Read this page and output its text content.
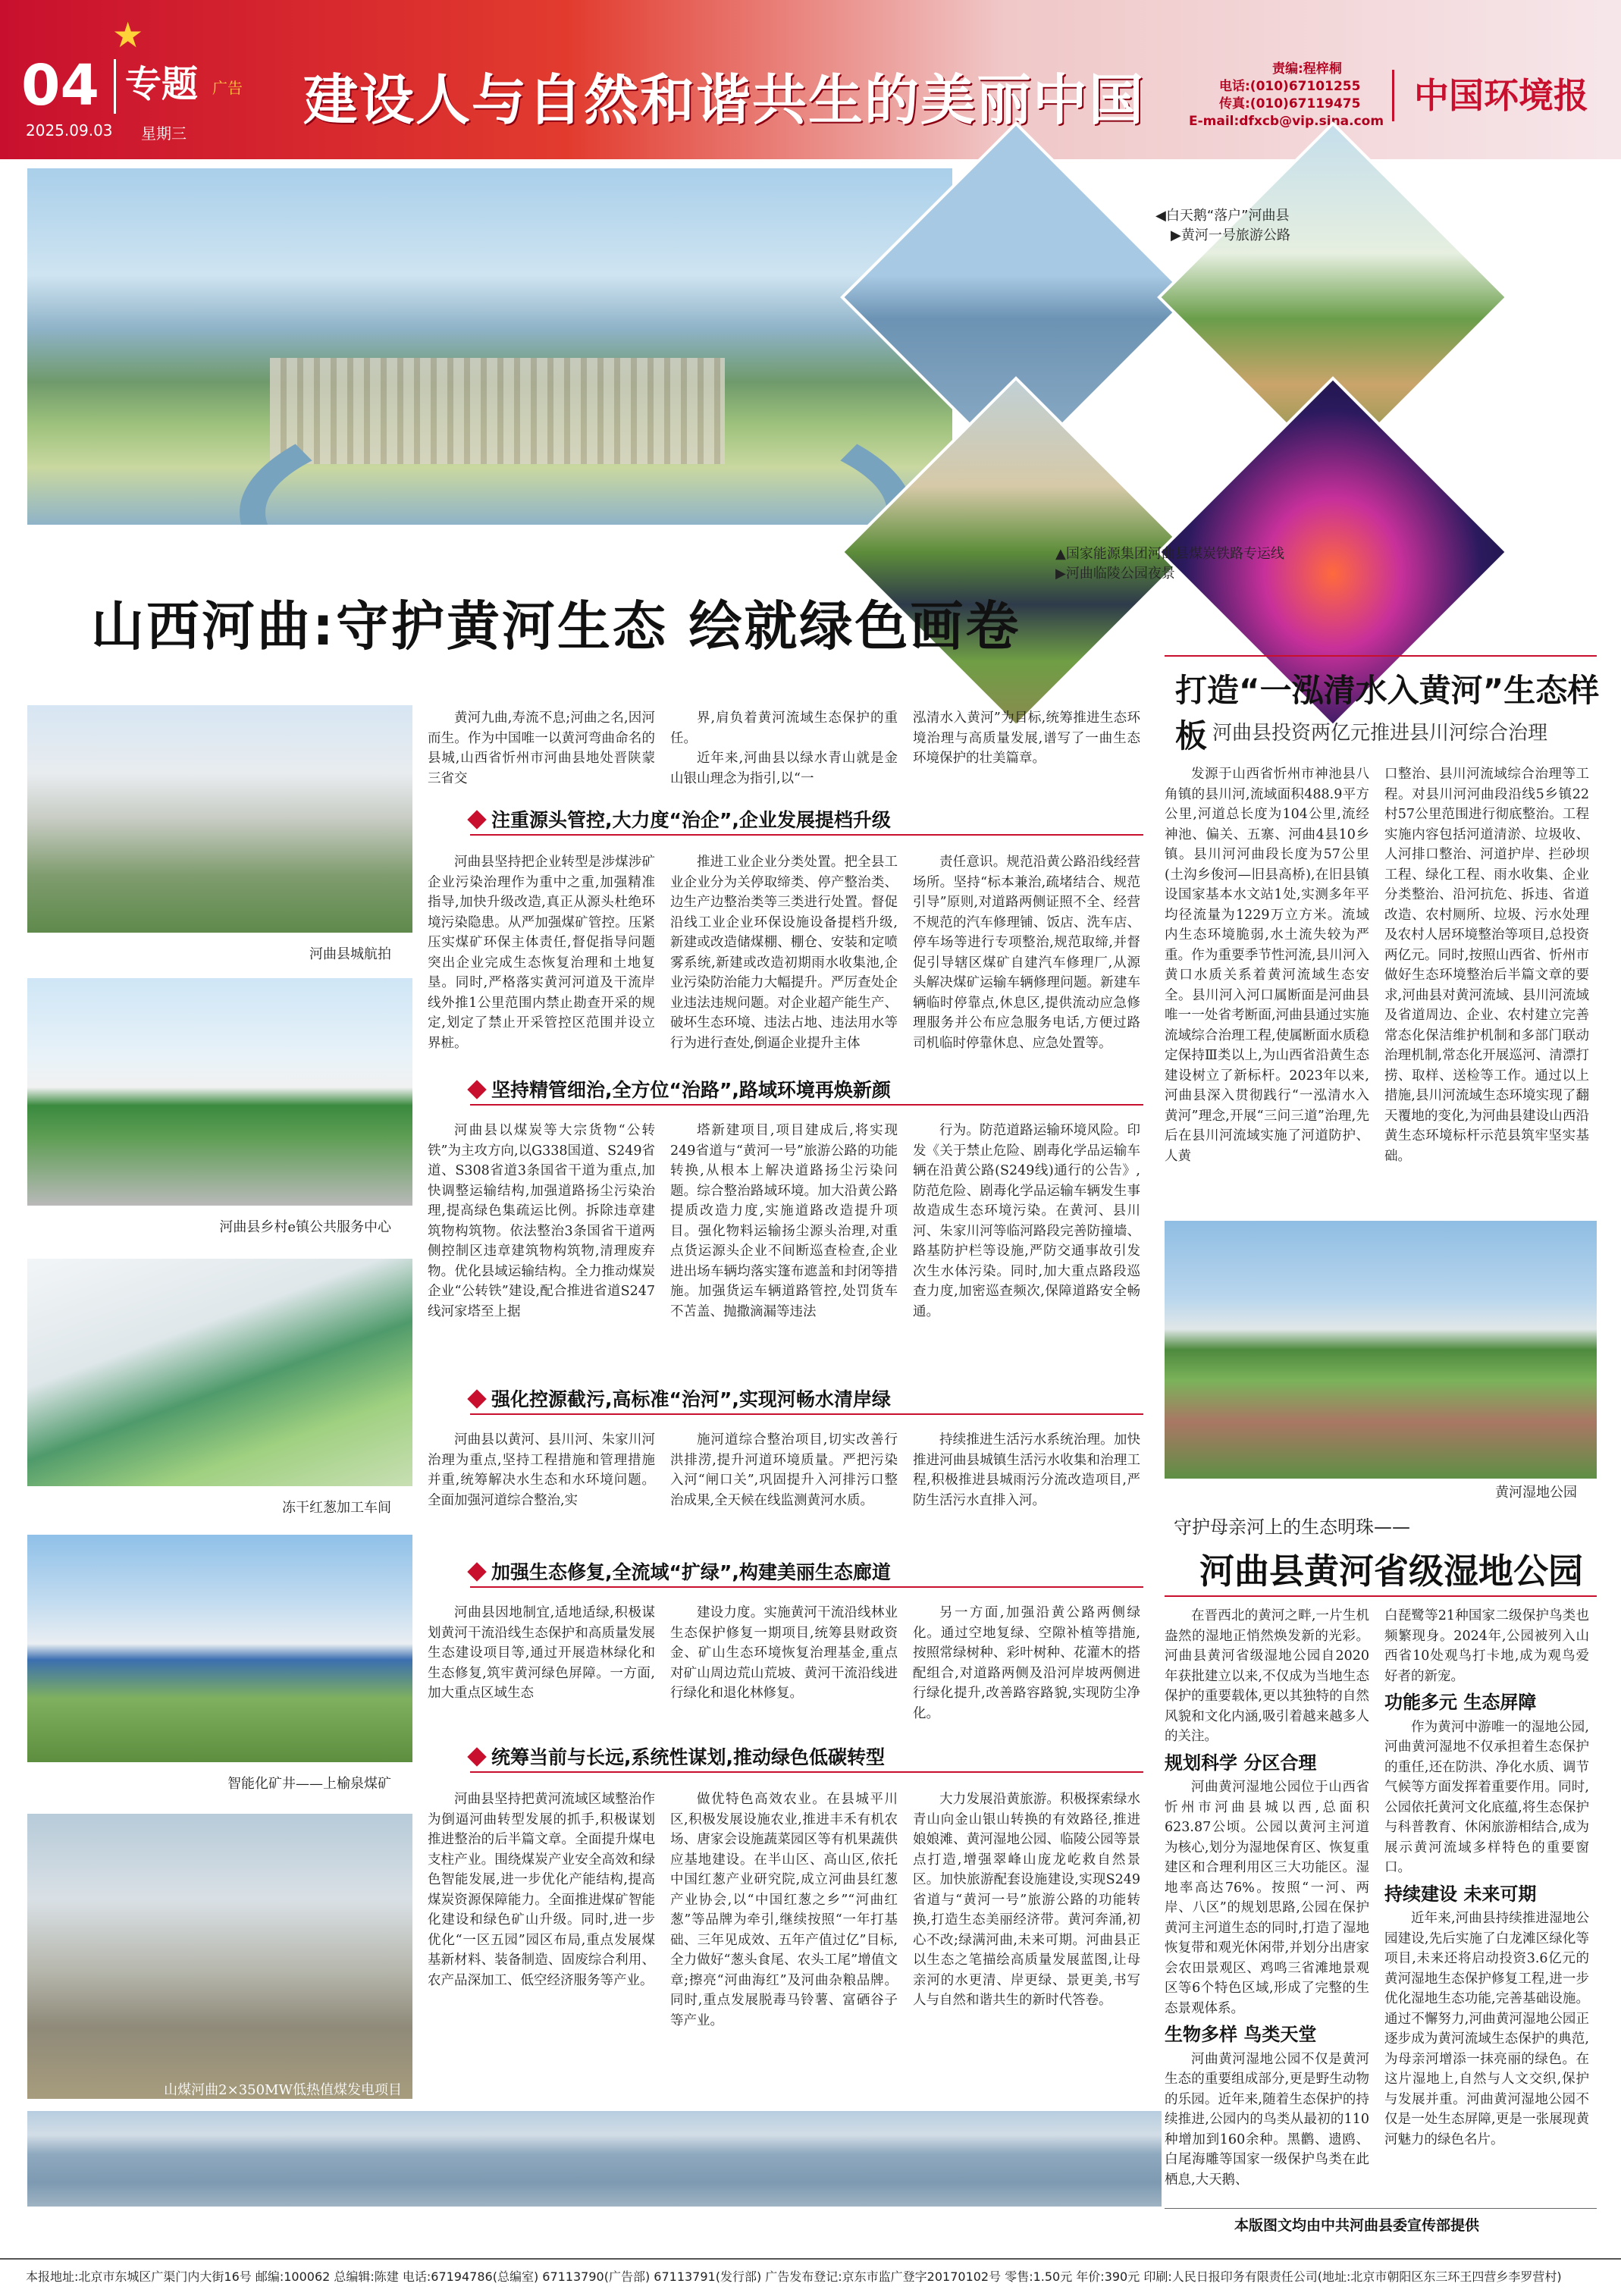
★
04 专题 广告
2025.09.03 星期三
建设人与自然和谐共生的美丽中国	责编:程梓桐
电话:(010)67101255
传真:(010)67119475
E-mail:dfxcb@vip.sina.com
中国环境报
◀白天鹅“落户”河曲县
▶黄河一号旅游公路
▲国家能源集团河曲县煤炭铁路专运线
▶河曲临陵公园夜景
山西河曲:守护黄河生态 绘就绿色画卷
河曲县城航拍
河曲县乡村e镇公共服务中心
冻干红葱加工车间
智能化矿井——上榆泉煤矿
山煤河曲2×350MW低热值煤发电项目

黄河九曲,寿流不息;河曲之名,因河而生。作为中国唯一以黄河弯曲命名的县城,山西省忻州市河曲县地处晋陕蒙三省交

界,肩负着黄河流域生态保护的重任。

近年来,河曲县以绿水青山就是金山银山理念为指引,以“一

泓清水入黄河”为目标,统筹推进生态环境治理与高质量发展,谱写了一曲生态环境保护的壮美篇章。

注重源头管控,大力度“治企”,企业发展提档升级

河曲县坚持把企业转型是涉煤涉矿企业污染治理作为重中之重,加强精准指导,加快升级改造,真正从源头杜绝环境污染隐患。从严加强煤矿管控。压紧压实煤矿环保主体责任,督促指导问题突出企业完成生态恢复治理和土地复垦。同时,严格落实黄河河道及干流岸线外推1公里范围内禁止勘查开采的规定,划定了禁止开采管控区范围并设立界桩。

推进工业企业分类处置。把全县工业企业分为关停取缔类、停产整治类、边生产边整治类等三类进行处置。督促沿线工业企业环保设施设备提档升级,新建或改造储煤棚、棚仓、安装和定喷雾系统,新建或改造初期雨水收集池,企业污染防治能力大幅提升。严厉查处企业违法违规问题。对企业超产能生产、破坏生态环境、违法占地、违法用水等行为进行查处,倒逼企业提升主体

责任意识。规范沿黄公路沿线经营场所。坚持“标本兼治,疏堵结合、规范引导”原则,对道路两侧证照不全、经营不规范的汽车修理铺、饭店、洗车店、停车场等进行专项整治,规范取缔,并督促引导辖区煤矿自建汽车修理厂,从源头解决煤矿运输车辆修理问题。新建车辆临时停靠点,休息区,提供流动应急修理服务并公布应急服务电话,方便过路司机临时停靠休息、应急处置等。

坚持精管细治,全方位“治路”,路域环境再焕新颜

河曲县以煤炭等大宗货物“公转铁”为主攻方向,以G338国道、S249省道、S308省道3条国省干道为重点,加快调整运输结构,加强道路扬尘污染治理,提高绿色集疏运比例。拆除违章建筑物构筑物。依法整治3条国省干道两侧控制区违章建筑物构筑物,清理废弃物。优化县域运输结构。全力推动煤炭企业“公转铁”建设,配合推进省道S247线河家塔至上据

塔新建项目,项目建成后,将实现249省道与“黄河一号”旅游公路的功能转换,从根本上解决道路扬尘污染问题。综合整治路域环境。加大沿黄公路提质改造力度,实施道路改造提升项目。强化物料运输扬尘源头治理,对重点货运源头企业不间断巡查检查,企业进出场车辆均落实篷布遮盖和封闭等措施。加强货运车辆道路管控,处罚货车不苫盖、抛撒滴漏等违法

行为。防范道路运输环境风险。印发《关于禁止危险、剧毒化学品运输车辆在沿黄公路(S249线)通行的公告》,防范危险、剧毒化学品运输车辆发生事故造成生态环境污染。在黄河、县川河、朱家川河等临河路段完善防撞墙、路基防护栏等设施,严防交通事故引发次生水体污染。同时,加大重点路段巡查力度,加密巡查频次,保障道路安全畅通。

强化控源截污,高标准“治河”,实现河畅水清岸绿

河曲县以黄河、县川河、朱家川河治理为重点,坚持工程措施和管理措施并重,统筹解决水生态和水环境问题。全面加强河道综合整治,实

施河道综合整治项目,切实改善行洪排涝,提升河道环境质量。严把污染入河“闸口关”,巩固提升入河排污口整治成果,全天候在线监测黄河水质。

持续推进生活污水系统治理。加快推进河曲县城镇生活污水收集和治理工程,积极推进县城雨污分流改造项目,严防生活污水直排入河。

加强生态修复,全流域“扩绿”,构建美丽生态廊道

河曲县因地制宜,适地适绿,积极谋划黄河干流沿线生态保护和高质量发展生态建设项目等,通过开展造林绿化和生态修复,筑牢黄河绿色屏障。一方面,加大重点区域生态

建设力度。实施黄河干流沿线林业生态保护修复一期项目,统筹县财政资金、矿山生态环境恢复治理基金,重点对矿山周边荒山荒坡、黄河干流沿线进行绿化和退化林修复。

另一方面,加强沿黄公路两侧绿化。通过空地复绿、空隙补植等措施,按照常绿树种、彩叶树种、花灌木的搭配组合,对道路两侧及沿河岸坡两侧进行绿化提升,改善路容路貌,实现防尘净化。

统筹当前与长远,系统性谋划,推动绿色低碳转型

河曲县坚持把黄河流域区域整治作为倒逼河曲转型发展的抓手,积极谋划推进整治的后半篇文章。全面提升煤电支柱产业。围绕煤炭产业安全高效和绿色智能发展,进一步优化产能结构,提高煤炭资源保障能力。全面推进煤矿智能化建设和绿色矿山升级。同时,进一步优化“一区五园”园区布局,重点发展煤基新材料、装备制造、固废综合利用、农产品深加工、低空经济服务等产业。

做优特色高效农业。在县城平川区,积极发展设施农业,推进丰禾有机农场、唐家会设施蔬菜园区等有机果蔬供应基地建设。在半山区、高山区,依托中国红葱产业研究院,成立河曲县红葱产业协会,以“中国红葱之乡”“河曲红葱”等品牌为牵引,继续按照“一年打基础、三年见成效、五年产值过亿”目标,全力做好“葱头食尾、农头工尾”增值文章;擦亮“河曲海红”及河曲杂粮品牌。同时,重点发展脱毒马铃薯、富硒谷子等产业。

大力发展沿黄旅游。积极探索绿水青山向金山银山转换的有效路径,推进娘娘滩、黄河湿地公园、临陵公园等景点打造,增强翠峰山庞龙屹救自然景区。加快旅游配套设施建设,实现S249省道与“黄河一号”旅游公路的功能转换,打造生态美丽经济带。黄河奔涌,初心不改;绿满河曲,未来可期。河曲县正以生态之笔描绘高质量发展蓝图,让母亲河的水更清、岸更绿、景更美,书写人与自然和谐共生的新时代答卷。

打造“一泓清水入黄河”生态样板 河曲县投资两亿元推进县川河综合治理

发源于山西省忻州市神池县八角镇的县川河,流域面积488.9平方公里,河道总长度为104公里,流经神池、偏关、五寨、河曲4县10乡镇。县川河河曲段长度为57公里(土沟乡俊河—旧县高桥),在旧县镇设国家基本水文站1处,实测多年平均径流量为1229万立方米。流域内生态环境脆弱,水土流失较为严重。作为重要季节性河流,县川河入黄口水质关系着黄河流域生态安全。县川河入河口属断面是河曲县唯一一处省考断面,河曲县通过实施流域综合治理工程,使属断面水质稳定保持Ⅲ类以上,为山西省沿黄生态建设树立了新标杆。2023年以来,河曲县深入贯彻践行“一泓清水入黄河”理念,开展“三问三道”治理,先后在县川河流域实施了河道防护、人黄

口整治、县川河流域综合治理等工程。对县川河河曲段沿线5乡镇22村57公里范围进行彻底整治。工程实施内容包括河道清淤、垃圾收、人河排口整治、河道护岸、拦砂坝工程、绿化工程、雨水收集、企业分类整治、沿河抗危、拆违、省道改造、农村厕所、垃圾、污水处理及农村人居环境整治等项目,总投资两亿元。同时,按照山西省、忻州市做好生态环境整治后半篇文章的要求,河曲县对黄河流域、县川河流域及省道周边、企业、农村建立完善常态化保洁维护机制和多部门联动治理机制,常态化开展巡河、清漂打捞、取样、送检等工作。通过以上措施,县川河流域生态环境实现了翻天覆地的变化,为河曲县建设山西沿黄生态环境标杆示范县筑牢坚实基础。

黄河湿地公园
守护母亲河上的生态明珠——
河曲县黄河省级湿地公园

在晋西北的黄河之畔,一片生机盎然的湿地正悄然焕发新的光彩。河曲县黄河省级湿地公园自2020年获批建立以来,不仅成为当地生态保护的重要载体,更以其独特的自然风貌和文化内涵,吸引着越来越多人的关注。

规划科学 分区合理

河曲黄河湿地公园位于山西省忻州市河曲县城以西,总面积623.87公顷。公园以黄河主河道为核心,划分为湿地保育区、恢复重建区和合理利用区三大功能区。湿地率高达76%。按照“一河、两岸、八区”的规划思路,公园在保护黄河主河道生态的同时,打造了湿地恢复带和观光休闲带,并划分出唐家会农田景观区、鸡鸣三省滩地景观区等6个特色区域,形成了完整的生态景观体系。

生物多样 鸟类天堂

河曲黄河湿地公园不仅是黄河生态的重要组成部分,更是野生动物的乐园。近年来,随着生态保护的持续推进,公园内的鸟类从最初的110种增加到160余种。黑鹳、遗鸥、白尾海雕等国家一级保护鸟类在此栖息,大天鹅、

白琵鹭等21种国家二级保护鸟类也频繁现身。2024年,公园被列入山西省10处观鸟打卡地,成为观鸟爱好者的新宠。

功能多元 生态屏障

作为黄河中游唯一的湿地公园,河曲黄河湿地不仅承担着生态保护的重任,还在防洪、净化水质、调节气候等方面发挥着重要作用。同时,公园依托黄河文化底蕴,将生态保护与科普教育、休闲旅游相结合,成为展示黄河流域多样特色的重要窗口。

持续建设 未来可期

近年来,河曲县持续推进湿地公园建设,先后实施了白龙滩区绿化等项目,未来还将启动投资3.6亿元的黄河湿地生态保护修复工程,进一步优化湿地生态功能,完善基础设施。通过不懈努力,河曲黄河湿地公园正逐步成为黄河流域生态保护的典范,为母亲河增添一抹亮丽的绿色。在这片湿地上,自然与人文交织,保护与发展并重。河曲黄河湿地公园不仅是一处生态屏障,更是一张展现黄河魅力的绿色名片。

本版图文均由中共河曲县委宣传部提供
本报地址:北京市东城区广渠门内大街16号 邮编:100062 总编辑:陈建 电话:67194786(总编室) 67113790(广告部) 67113791(发行部) 广告发布登记:京东市监广登字20170102号 零售:1.50元 年价:390元 印刷:人民日报印务有限责任公司(地址:北京市朝阳区东三环王四营乡李罗营村)
